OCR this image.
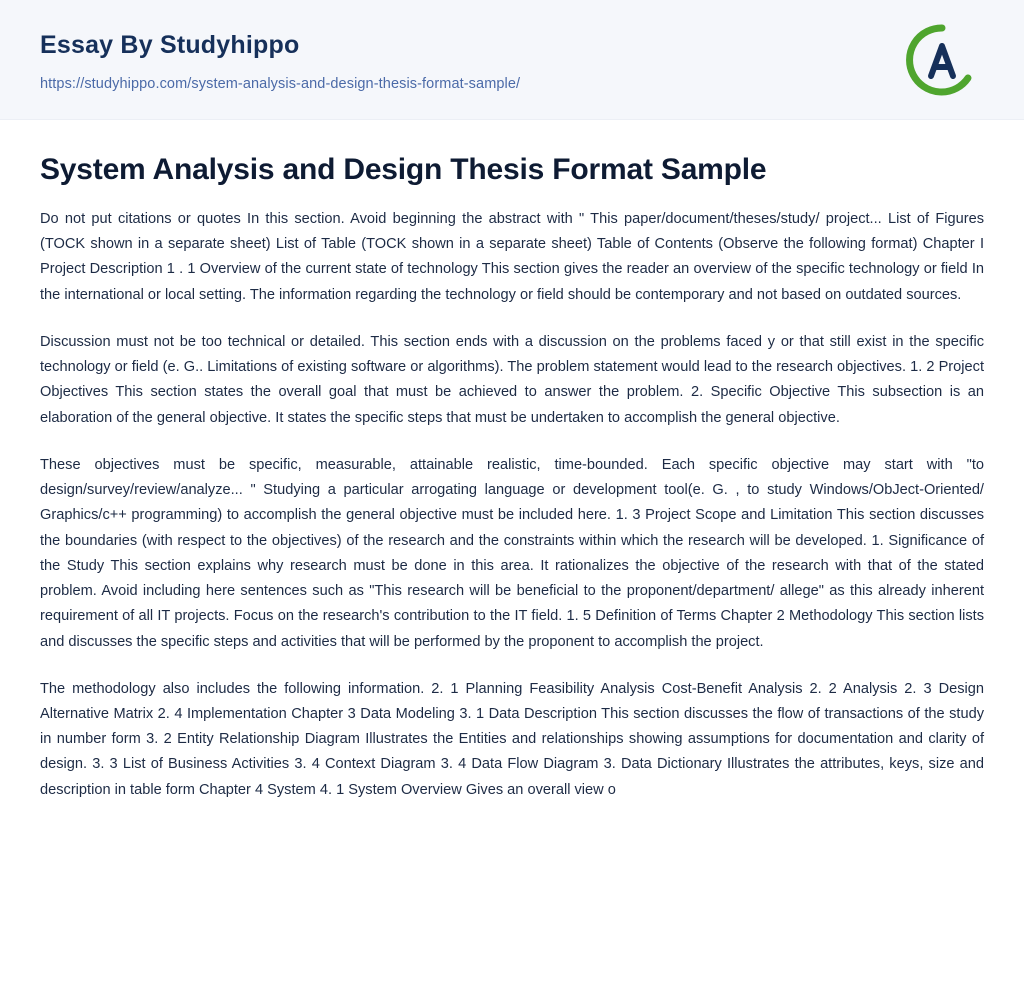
Essay By Studyhippo
https://studyhippo.com/system-analysis-and-design-thesis-format-sample/
System Analysis and Design Thesis Format Sample

Do not put citations or quotes In this section. Avoid beginning the abstract with " This paper/document/theses/study/ project... List of Figures (TOCK shown in a separate sheet) List of Table (TOCK shown in a separate sheet) Table of Contents (Observe the following format) Chapter I Project Description 1 . 1 Overview of the current state of technology This section gives the reader an overview of the specific technology or field In the international or local setting. The information regarding the technology or field should be contemporary and not based on outdated sources.

Discussion must not be too technical or detailed. This section ends with a discussion on the problems faced y or that still exist in the specific technology or field (e. G.. Limitations of existing software or algorithms). The problem statement would lead to the research objectives. 1. 2 Project Objectives This section states the overall goal that must be achieved to answer the problem. 2. Specific Objective This subsection is an elaboration of the general objective. It states the specific steps that must be undertaken to accomplish the general objective.

These objectives must be specific, measurable, attainable realistic, time-bounded. Each specific objective may start with "to design/survey/review/analyze... " Studying a particular arrogating language or development tool(e. G. , to study Windows/ObJect-Oriented/ Graphics/c++ programming) to accomplish the general objective must be included here. 1. 3 Project Scope and Limitation This section discusses the boundaries (with respect to the objectives) of the research and the constraints within which the research will be developed. 1. Significance of the Study This section explains why research must be done in this area. It rationalizes the objective of the research with that of the stated problem. Avoid including here sentences such as "This research will be beneficial to the proponent/department/ allege" as this already inherent requirement of all IT projects. Focus on the research's contribution to the IT field. 1. 5 Definition of Terms Chapter 2 Methodology This section lists and discusses the specific steps and activities that will be performed by the proponent to accomplish the project.

The methodology also includes the following information. 2. 1 Planning Feasibility Analysis Cost-Benefit Analysis 2. 2 Analysis 2. 3 Design Alternative Matrix 2. 4 Implementation Chapter 3 Data Modeling 3. 1 Data Description This section discusses the flow of transactions of the study in number form 3. 2 Entity Relationship Diagram Illustrates the Entities and relationships showing assumptions for documentation and clarity of design. 3. 3 List of Business Activities 3. 4 Context Diagram 3. 4 Data Flow Diagram 3. Data Dictionary Illustrates the attributes, keys, size and description in table form Chapter 4 System 4. 1 System Overview Gives an overall view o
